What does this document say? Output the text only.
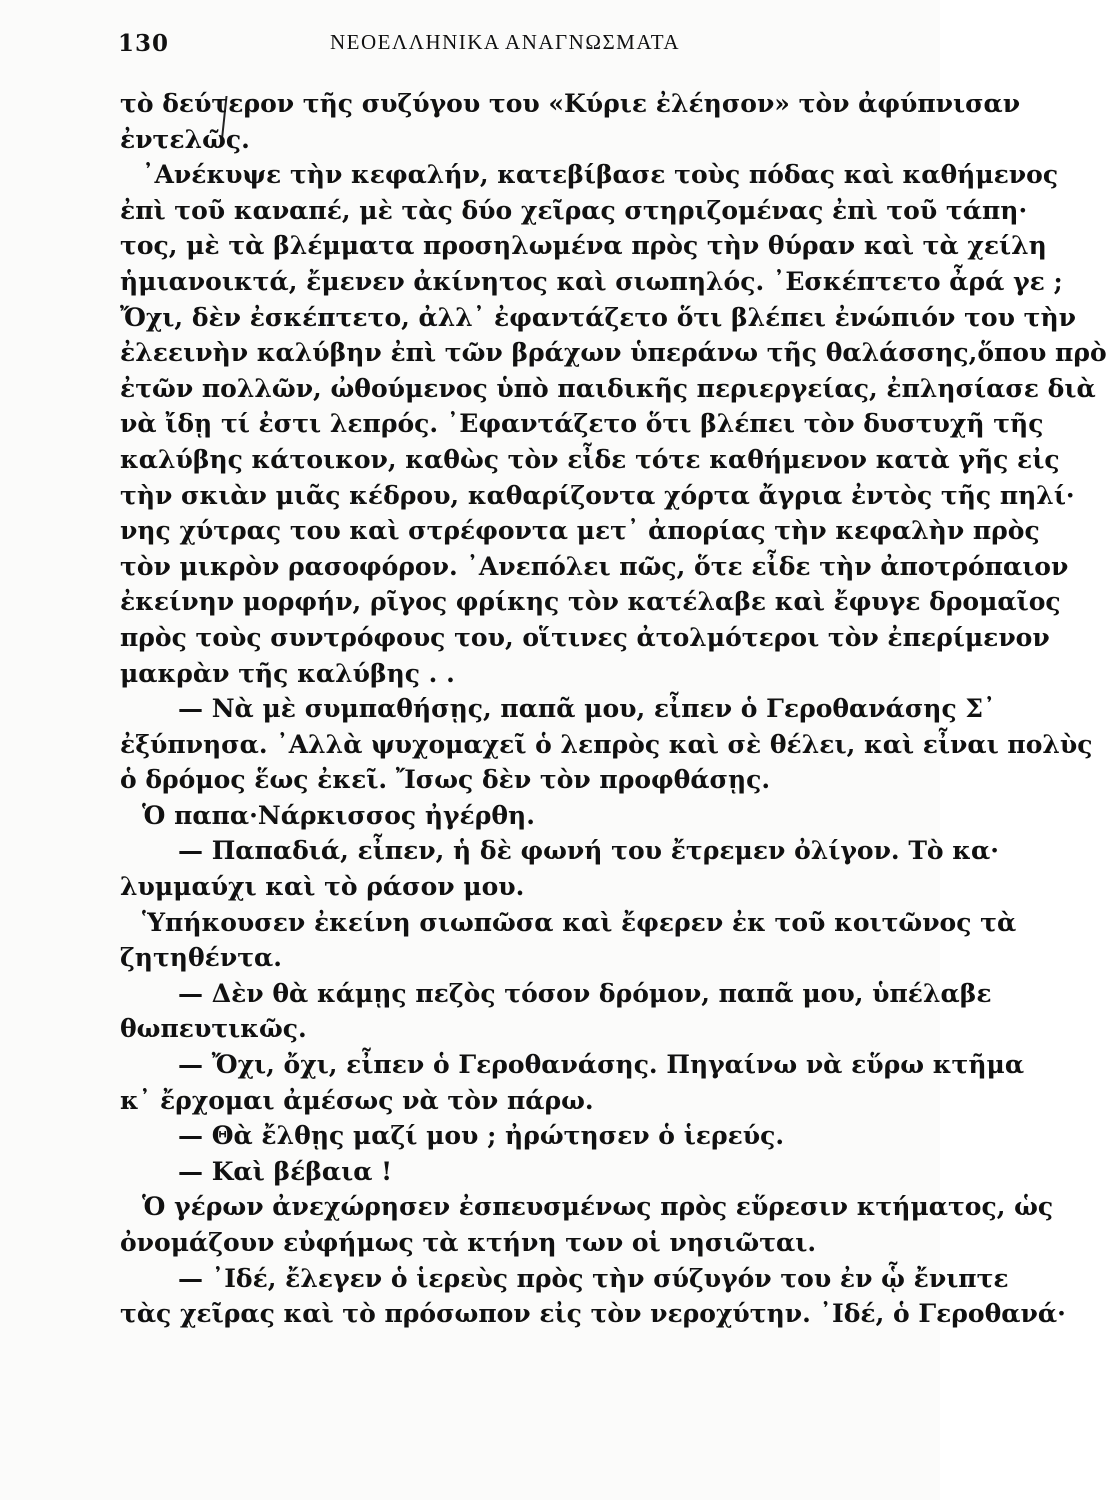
130	ΝΕΟΕΛΛΗΝΙΚΑ ΑΝΑΓΝΩΣΜΑΤΑ
τὸ δεύτερον τῆς συζύγου του «Κύριε ἐλέησον» τὸν ἀφύπνισαν
ἐντελῶς.
᾿Ανέκυψε τὴν κεφαλήν, κατεβίβασε τοὺς πόδας καὶ καθήμενος
ἐπὶ τοῦ καναπέ, μὲ τὰς δύο χεῖρας στηριζομένας ἐπὶ τοῦ τάπη·
τος, μὲ τὰ βλέμματα προσηλωμένα πρὸς τὴν θύραν καὶ τὰ χείλη
ἡμιανοικτά, ἔμενεν ἀκίνητος καὶ σιωπηλός. ᾿Εσκέπτετο ἆρά γε ;
Ὄχι, δὲν ἐσκέπτετο, ἀλλ᾿ ἐφαντάζετο ὅτι βλέπει ἐνώπιόν του τὴν
ἐλεεινὴν καλύβην ἐπὶ τῶν βράχων ὑπεράνω τῆς θαλάσσης,ὅπου πρὸ
ἐτῶν πολλῶν, ὠθούμενος ὑπὸ παιδικῆς περιεργείας, ἐπλησίασε διὰ
νὰ ἴδῃ τί ἐστι λεπρός. ᾿Εφαντάζετο ὅτι βλέπει τὸν δυστυχῆ τῆς
καλύβης κάτοικον, καθὼς τὸν εἶδε τότε καθήμενον κατὰ γῆς εἰς
τὴν σκιὰν μιᾶς κέδρου, καθαρίζοντα χόρτα ἄγρια ἐντὸς τῆς πηλί·
νης χύτρας του καὶ στρέφοντα μετ᾿ ἀπορίας τὴν κεφαλὴν πρὸς
τὸν μικρὸν ρασοφόρον. ᾿Ανεπόλει πῶς, ὅτε εἶδε τὴν ἀποτρόπαιον
ἐκείνην μορφήν, ρῖγος φρίκης τὸν κατέλαβε καὶ ἔφυγε δρομαῖος
πρὸς τοὺς συντρόφους του, οἵτινες ἀτολμότεροι τὸν ἐπερίμενον
μακρὰν τῆς καλύβης . .
— Νὰ μὲ συμπαθήσῃς, παπᾶ μου, εἶπεν ὁ Γεροθανάσης Σ᾿
ἐξύπνησα. ᾿Αλλὰ ψυχομαχεῖ ὁ λεπρὸς καὶ σὲ θέλει, καὶ εἶναι πολὺς
ὁ δρόμος ἕως ἐκεῖ. Ἴσως δὲν τὸν προφθάσῃς.
Ὁ παπα·Νάρκισσος ἠγέρθη.
— Παπαδιά, εἶπεν, ἡ δὲ φωνή του ἔτρεμεν ὀλίγον. Τὸ κα·
λυμμαύχι καὶ τὸ ράσον μου.
Ὑπήκουσεν ἐκείνη σιωπῶσα καὶ ἔφερεν ἐκ τοῦ κοιτῶνος τὰ
ζητηθέντα.
— Δὲν θὰ κάμῃς πεζὸς τόσον δρόμον, παπᾶ μου, ὑπέλαβε
θωπευτικῶς.
— Ὄχι, ὄχι, εἶπεν ὁ Γεροθανάσης. Πηγαίνω νὰ εὕρω κτῆμα
κ᾿ ἔρχομαι ἀμέσως νὰ τὸν πάρω.
— Θὰ ἔλθῃς μαζί μου ; ἠρώτησεν ὁ ἱερεύς.
— Καὶ βέβαια !
Ὁ γέρων ἀνεχώρησεν ἐσπευσμένως πρὸς εὕρεσιν κτήματος, ὡς
ὀνομάζουν εὐφήμως τὰ κτήνη των οἱ νησιῶται.
— ᾿Ιδέ, ἔλεγεν ὁ ἱερεὺς πρὸς τὴν σύζυγόν του ἐν ᾧ ἔνιπτε
τὰς χεῖρας καὶ τὸ πρόσωπον εἰς τὸν νεροχύτην. ᾿Ιδέ, ὁ Γεροθανά·
